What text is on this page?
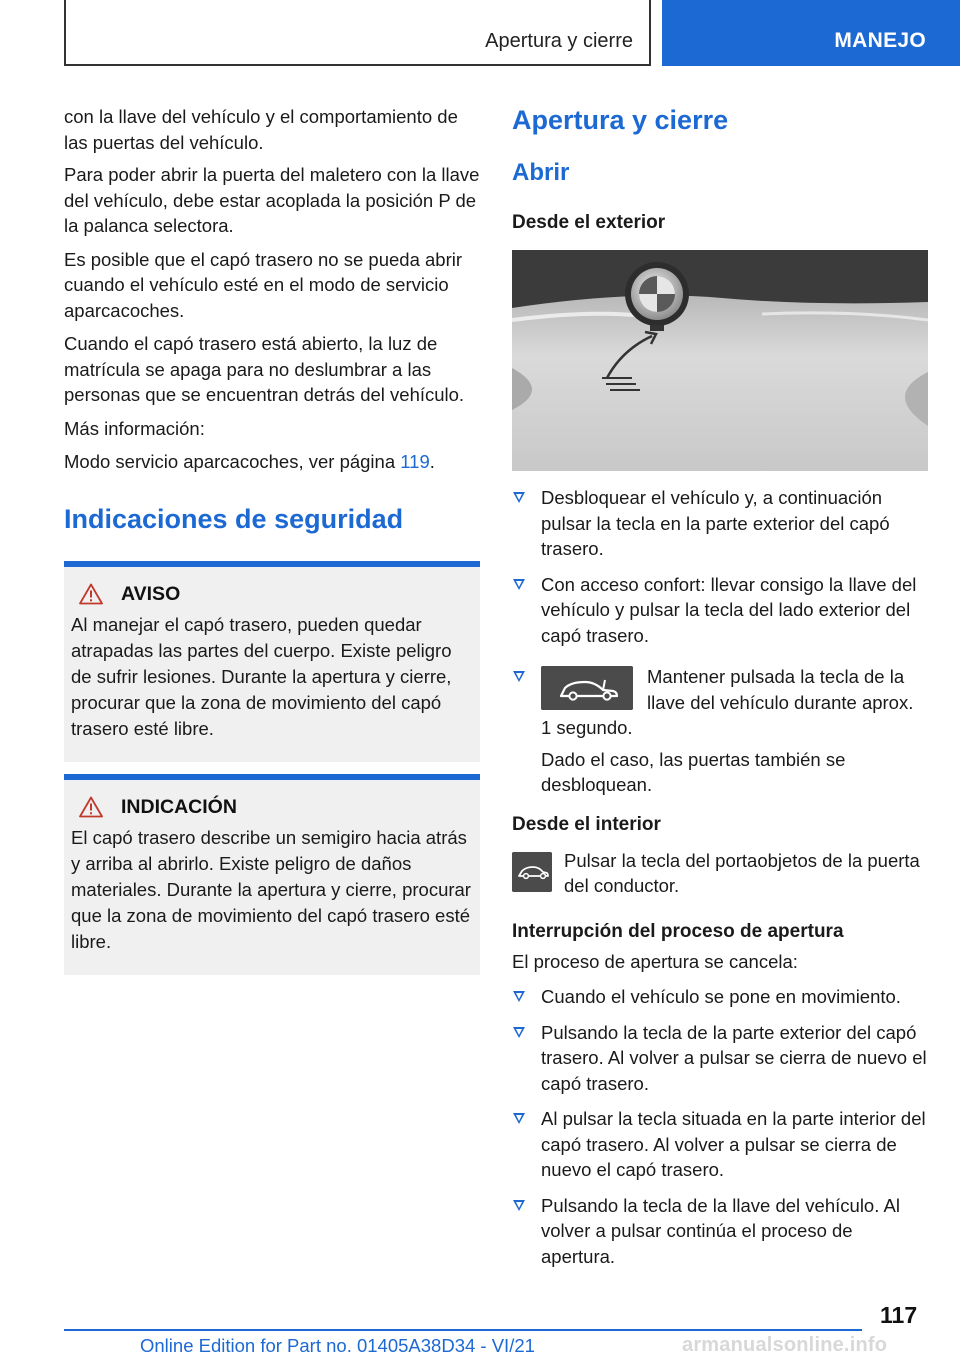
Apertura y cierre	MANEJO

con la llave del vehículo y el comportamiento de las puertas del vehículo.

Para poder abrir la puerta del maletero con la llave del vehículo, debe estar acoplada la posición P de la palanca selectora.

Es posible que el capó trasero no se pueda abrir cuando el vehículo esté en el modo de servicio aparcacoches.

Cuando el capó trasero está abierto, la luz de matrícula se apaga para no deslumbrar a las personas que se encuentran detrás del vehículo.

Más información:

Modo servicio aparcacoches, ver página 119.

Indicaciones de seguridad
AVISO

Al manejar el capó trasero, pueden quedar atrapadas las partes del cuerpo. Existe peligro de sufrir lesiones. Durante la apertura y cierre, procurar que la zona de movimiento del capó trasero esté libre.

INDICACIÓN

El capó trasero describe un semigiro hacia atrás y arriba al abrirlo. Existe peligro de daños materiales. Durante la apertura y cierre, procurar que la zona de movimiento del capó trasero esté libre.

Apertura y cierre
Abrir
Desde el exterior
Desbloquear el vehículo y, a continuación pulsar la tecla en la parte exterior del capó trasero.
Con acceso confort: llevar consigo la llave del vehículo y pulsar la tecla del lado exterior del capó trasero.
Mantener pulsada la tecla de la llave del vehículo durante aprox. 1 segundo.

Dado el caso, las puertas también se desbloquean.

Desde el interior

Pulsar la tecla del portaobjetos de la puerta del conductor.

Interrupción del proceso de apertura

El proceso de apertura se cancela:

Cuando el vehículo se pone en movimiento.
Pulsando la tecla de la parte exterior del capó trasero. Al volver a pulsar se cierra de nuevo el capó trasero.
Al pulsar la tecla situada en la parte interior del capó trasero. Al volver a pulsar se cierra de nuevo el capó trasero.
Pulsando la tecla de la llave del vehículo. Al volver a pulsar continúa el proceso de apertura.
117
Online Edition for Part no. 01405A38D34 - VI/21	armanualsonline.info
